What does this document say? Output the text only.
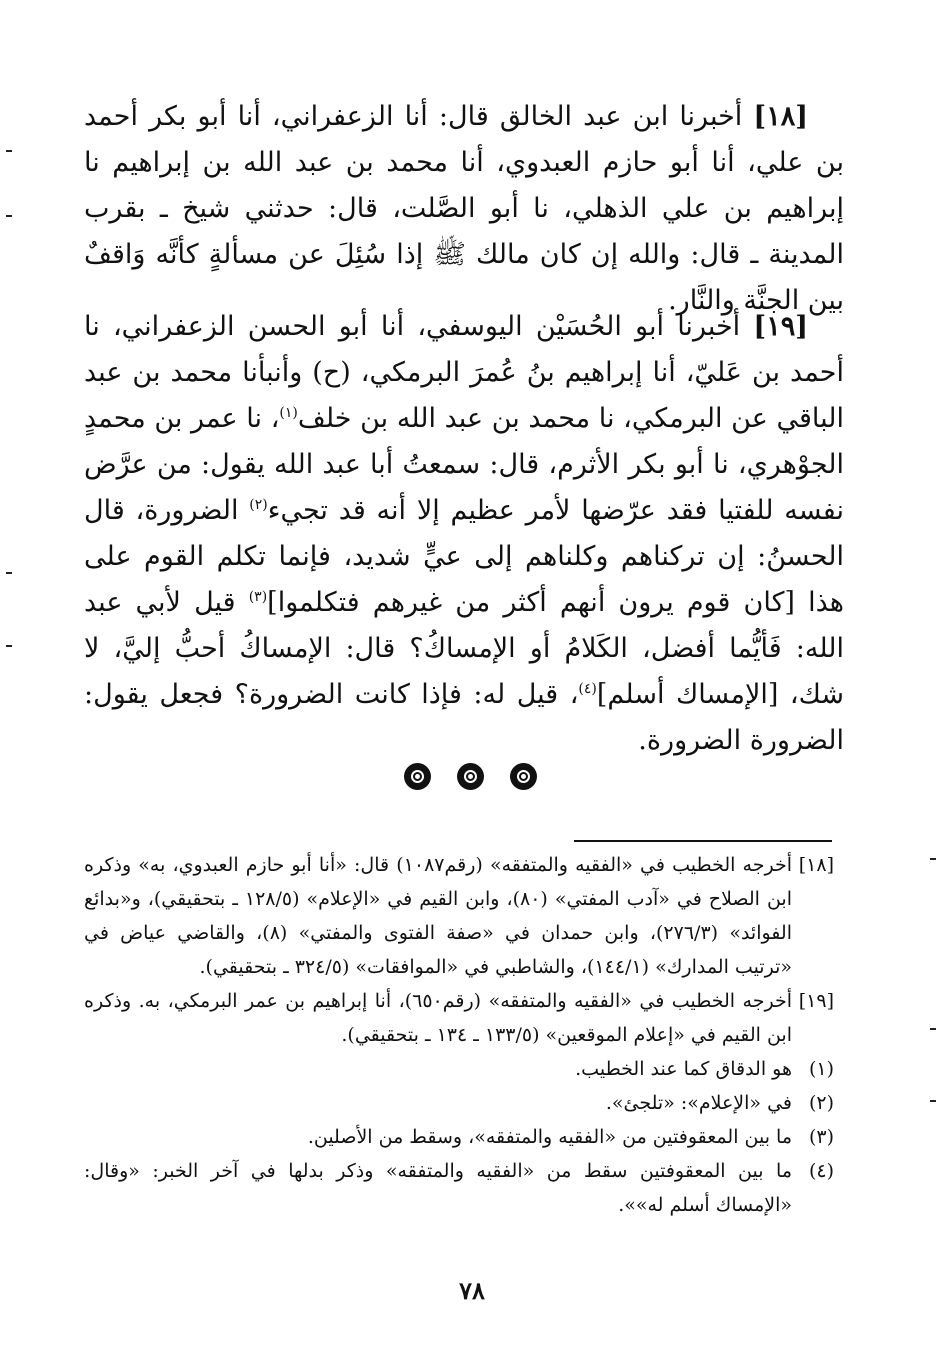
[١٨] أخبرنا ابن عبد الخالق قال: أنا الزعفراني، أنا أبو بكر أحمد بن علي، أنا أبو حازم العبدوي، أنا محمد بن عبد الله بن إبراهيم نا إبراهيم بن علي الذهلي، نا أبو الصَّلت، قال: حدثني شيخ ـ بقرب المدينة ـ قال: والله إن كان مالك ﷺ إذا سُئِلَ عن مسألةٍ كأنَّه وَاقفٌ بين الجنَّة والنَّار.

[١٩] أخبرنا أبو الحُسَيْن اليوسفي، أنا أبو الحسن الزعفراني، نا أحمد بن عَليّ، أنا إبراهيم بنُ عُمرَ البرمكي، (ح) وأنبأنا محمد بن عبد الباقي عن البرمكي، نا محمد بن عبد الله بن خلف$^{(١)}$، نا عمر بن محمدٍ الجوْهري، نا أبو بكر الأثرم، قال: سمعتُ أبا عبد الله يقول: من عرَّض نفسه للفتيا فقد عرّضها لأمر عظيم إلا أنه قد تجيء$^{(٢)}$ الضرورة، قال الحسنُ: إن تركناهم وكلناهم إلى عيٍّ شديد، فإنما تكلم القوم على هذا [كان قوم يرون أنهم أكثر من غيرهم فتكلموا]$^{(٣)}$ قيل لأبي عبد الله: فَأيُّما أفضل، الكَلامُ أو الإمساكُ؟ قال: الإمساكُ أحبُّ إليَّ، لا شك، [الإمساك أسلم]$^{(٤)}$، قيل له: فإذا كانت الضرورة؟ فجعل يقول: الضرورة الضرورة.

[١٨]أخرجه الخطيب في «الفقيه والمتفقه» (رقم١٠٨٧) قال: «أنا أبو حازم العبدوي، به» وذكره ابن الصلاح في «آدب المفتي» (٨٠)، وابن القيم في «الإعلام» (١٢٨/٥ ـ بتحقيقي)، و«بدائع الفوائد» (٢٧٦/٣)، وابن حمدان في «صفة الفتوى والمفتي» (٨)، والقاضي عياض في «ترتيب المدارك» (١٤٤/١)، والشاطبي في «الموافقات» (٣٢٤/٥ ـ بتحقيقي).

[١٩]أخرجه الخطيب في «الفقيه والمتفقه» (رقم٦٥٠)، أنا إبراهيم بن عمر البرمكي، به. وذكره ابن القيم في «إعلام الموقعين» (١٣٣/٥ ـ ١٣٤ ـ بتحقيقي).

(١)هو الدقاق كما عند الخطيب.

(٢)في «الإعلام»: «تلجئ».

(٣)ما بين المعقوفتين من «الفقيه والمتفقه»، وسقط من الأصلين.

(٤)ما بين المعقوفتين سقط من «الفقيه والمتفقه» وذكر بدلها في آخر الخبر: «وقال: «الإمساك أسلم له»».

٧٨
